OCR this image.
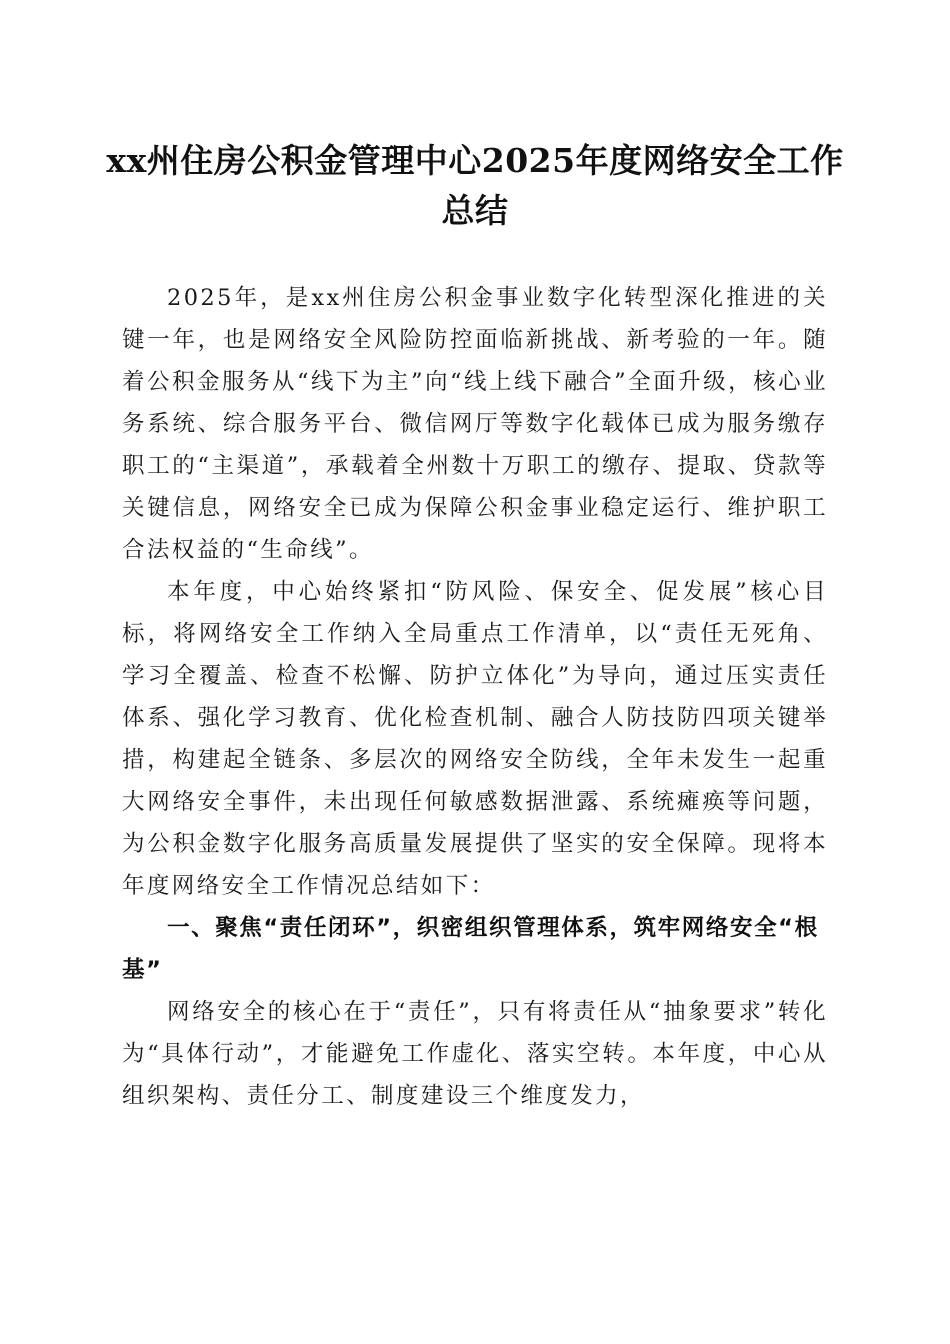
xx州住房公积金管理中心2025年度网络安全工作总结

2025年，是xx州住房公积金事业数字化转型深化推进的关键一年，也是网络安全风险防控面临新挑战、新考验的一年。随着公积金服务从“线下为主”向“线上线下融合”全面升级，核心业务系统、综合服务平台、微信网厅等数字化载体已成为服务缴存职工的“主渠道”，承载着全州数十万职工的缴存、提取、贷款等关键信息，网络安全已成为保障公积金事业稳定运行、维护职工合法权益的“生命线”。

本年度，中心始终紧扣“防风险、保安全、促发展”核心目标，将网络安全工作纳入全局重点工作清单，以“责任无死角、学习全覆盖、检查不松懈、防护立体化”为导向，通过压实责任体系、强化学习教育、优化检查机制、融合人防技防四项关键举措，构建起全链条、多层次的网络安全防线，全年未发生一起重大网络安全事件，未出现任何敏感数据泄露、系统瘫痪等问题，为公积金数字化服务高质量发展提供了坚实的安全保障。现将本年度网络安全工作情况总结如下：

一、聚焦“责任闭环”，织密组织管理体系，筑牢网络安全“根基”

网络安全的核心在于“责任”，只有将责任从“抽象要求”转化为“具体行动”，才能避免工作虚化、落实空转。本年度，中心从组织架构、责任分工、制度建设三个维度发力，
